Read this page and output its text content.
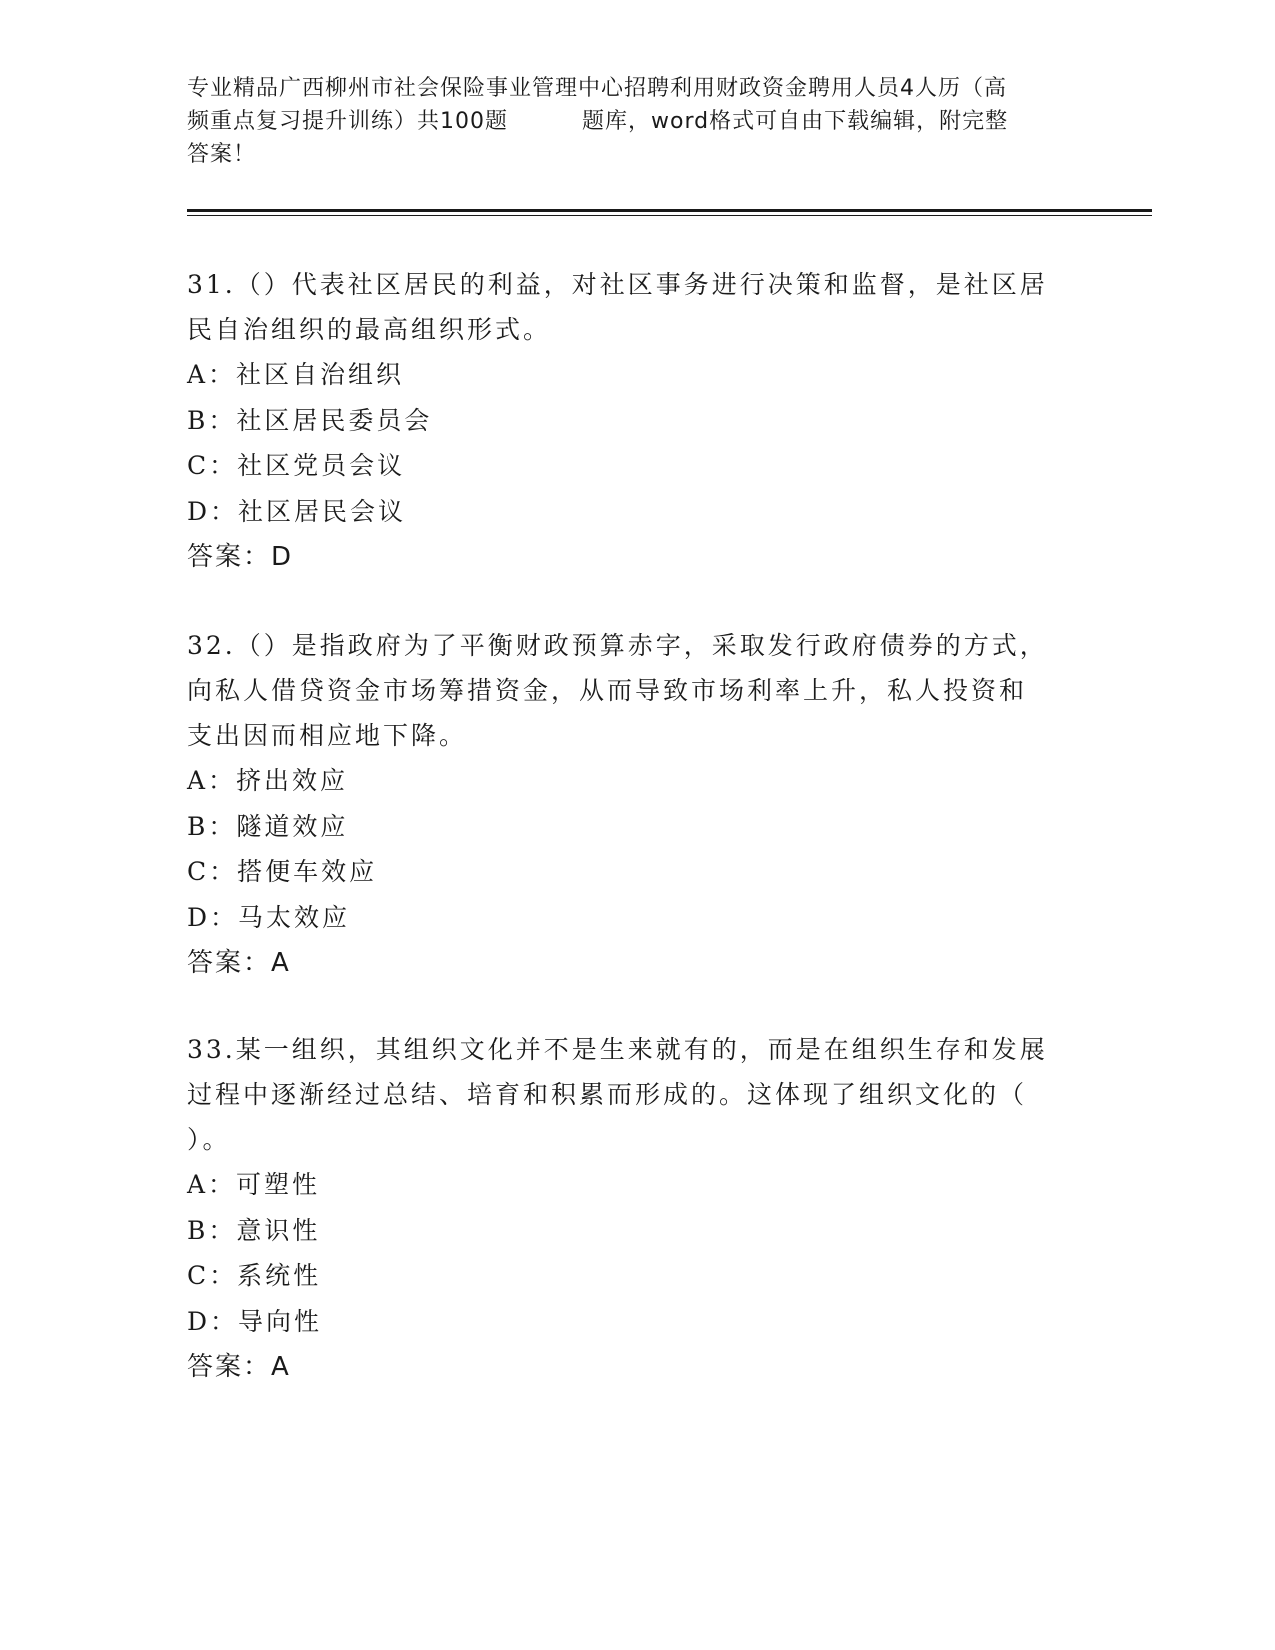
专业精品广西柳州市社会保险事业管理中心招聘利用财政资金聘用人员4人历（高
频重点复习提升训练）共100题	题库，word格式可自由下载编辑，附完整
答案！
31.（）代表社区居民的利益，对社区事务进行决策和监督，是社区居
民自治组织的最高组织形式。
A：社区自治组织
B：社区居民委员会
C：社区党员会议
D：社区居民会议
答案：D
32.（）是指政府为了平衡财政预算赤字，采取发行政府债券的方式，
向私人借贷资金市场筹措资金，从而导致市场利率上升，私人投资和
支出因而相应地下降。
A：挤出效应
B：隧道效应
C：搭便车效应
D：马太效应
答案：A
33.某一组织，其组织文化并不是生来就有的，而是在组织生存和发展
过程中逐渐经过总结、培育和积累而形成的。这体现了组织文化的（
）。
A：可塑性
B：意识性
C：系统性
D：导向性
答案：A
